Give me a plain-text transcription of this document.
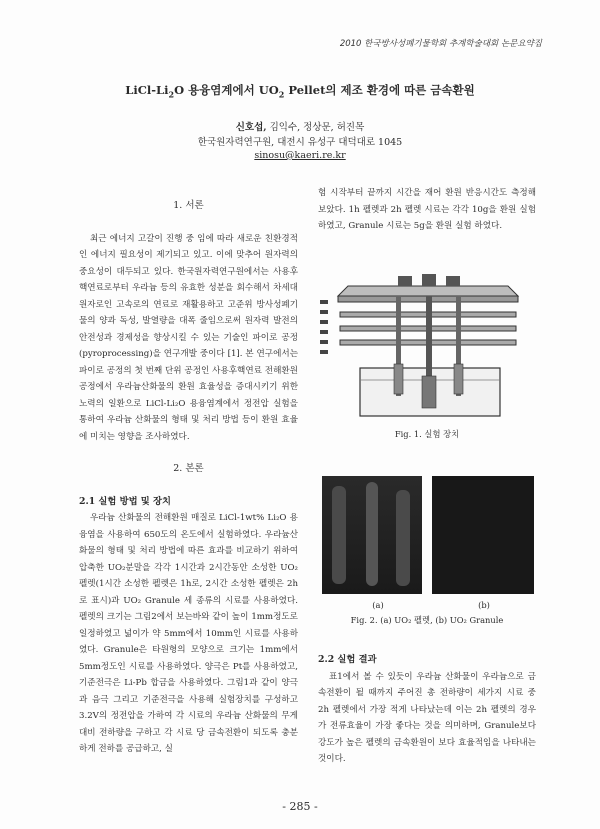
2010 한국방사성폐기물학회 추계학술대회 논문요약집
LiCl-$Li_2O$ 용융염계에서 $UO_2$ Pellet의 제조 환경에 따른 금속환원
신호섭, 김익수, 정상문, 허진목
한국원자력연구원, 대전시 유성구 대덕대로 1045
sinosu@kaeri.re.kr
1. 서론

최근 에너지 고갈이 진행 중 임에 따라 새로운 친환경적인 에너지 필요성이 제기되고 있고. 이에 맞추어 원자력의 중요성이 대두되고 있다. 한국원자력연구원에서는 사용후핵연료로부터 우라늄 등의 유효한 성분을 회수해서 차세대 원자로인 고속로의 연료로 재활용하고 고준위 방사성폐기물의 양과 독성, 발열량을 대폭 줄임으로써 원자력 발전의 안전성과 경제성을 향상시킬 수 있는 기술인 파이로 공정 (pyroprocessing)을 연구개발 중이다 [1]. 본 연구에서는 파이로 공정의 첫 번째 단위 공정인 사용후핵연료 전해환원 공정에서 우라늄산화물의 환원 효율성을 증대시키기 위한 노력의 일환으로 LiCl-Li₂O 용융염계에서 정전압 실험을 통하여 우라늄 산화물의 형태 및 처리 방법 등이 환원 효율에 미치는 영향을 조사하였다.

2. 본론
2.1 실험 방법 및 장치

우라늄 산화물의 전해환원 매질로 LiCl-1wt% Li₂O 용융염을 사용하여 650도의 온도에서 실험하였다. 우라늄산화물의 형태 및 처리 방법에 따른 효과를 비교하기 위하여 압축한 UO₂분말을 각각 1시간과 2시간동안 소성한 UO₂ 펠렛(1시간 소성한 펠렛은 1h로, 2시간 소성한 펠렛은 2h로 표시)과 UO₂ Granule 세 종류의 시료를 사용하였다. 펠렛의 크기는 그림2에서 보는바와 같이 높이 1mm정도로 일정하였고 넓이가 약 5mm에서 10mm인 시료를 사용하였다. Granule은 타원형의 모양으로 크기는 1mm에서 5mm정도인 시료를 사용하였다. 양극은 Pt를 사용하였고, 기준전극은 Li-Pb 합금을 사용하였다. 그림1과 같이 양극과 음극 그리고 기준전극을 사용해 실험장치를 구성하고 3.2V의 정전압을 가하여 각 시료의 우라늄 산화물의 무게대비 전하량을 구하고 각 시료 당 금속전환이 되도록 충분하게 전하를 공급하고, 실

험 시작부터 끝까지 시간을 재어 환원 반응시간도 측정해 보았다. 1h 펠렛과 2h 펠렛 시료는 각각 10g을 환원 실험하였고, Granule 시료는 5g을 환원 실험 하였다.

Fig. 1. 실험 장치
(a)	(b)
Fig. 2. (a) UO₂ 펠렛, (b) UO₂ Granule
2.2 실험 결과

표1에서 볼 수 있듯이 우라늄 산화물이 우라늄으로 금속전환이 될 때까지 주어진 총 전하량이 세가지 시료 중 2h 펠렛에서 가장 적게 나타났는데 이는 2h 펠렛의 경우가 전류효율이 가장 좋다는 것을 의미하며, Granule보다 강도가 높은 펠렛의 금속환원이 보다 효율적임을 나타내는 것이다.

- 285 -
